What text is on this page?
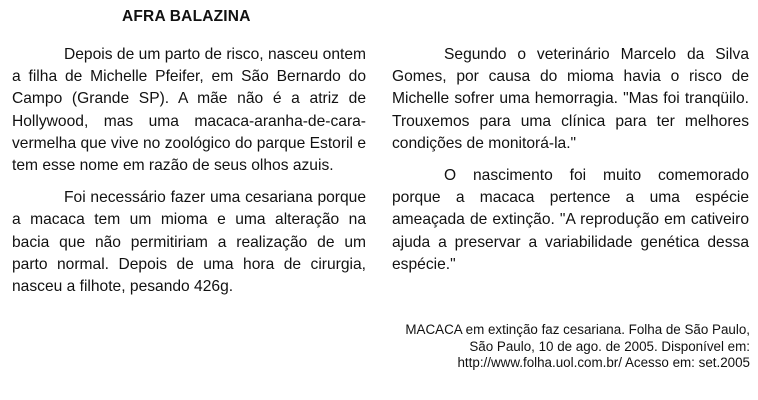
AFRA BALAZINA

Depois de um parto de risco, nasceu ontem a filha de Michelle Pfeifer, em São Bernardo do Campo (Grande SP). A mãe não é a atriz de Hollywood, mas uma macaca-aranha-de-cara-vermelha que vive no zoológico do parque Estoril e tem esse nome em razão de seus olhos azuis.

Foi necessário fazer uma cesariana porque a macaca tem um mioma e uma alteração na bacia que não permitiriam a realização de um parto normal. Depois de uma hora de cirurgia, nasceu a filhote, pesando 426g.

Segundo o veterinário Marcelo da Silva Gomes, por causa do mioma havia o risco de Michelle sofrer uma hemorragia. "Mas foi tranqüilo. Trouxemos para uma clínica para ter melhores condições de monitorá-la."

O nascimento foi muito comemorado porque a macaca pertence a uma espécie ameaçada de extinção. "A reprodução em cativeiro ajuda a preservar a variabilidade genética dessa espécie."

MACACA em extinção faz cesariana. Folha de São Paulo, São Paulo, 10 de ago. de 2005. Disponível em: http://www.folha.uol.com.br/ Acesso em: set.2005
